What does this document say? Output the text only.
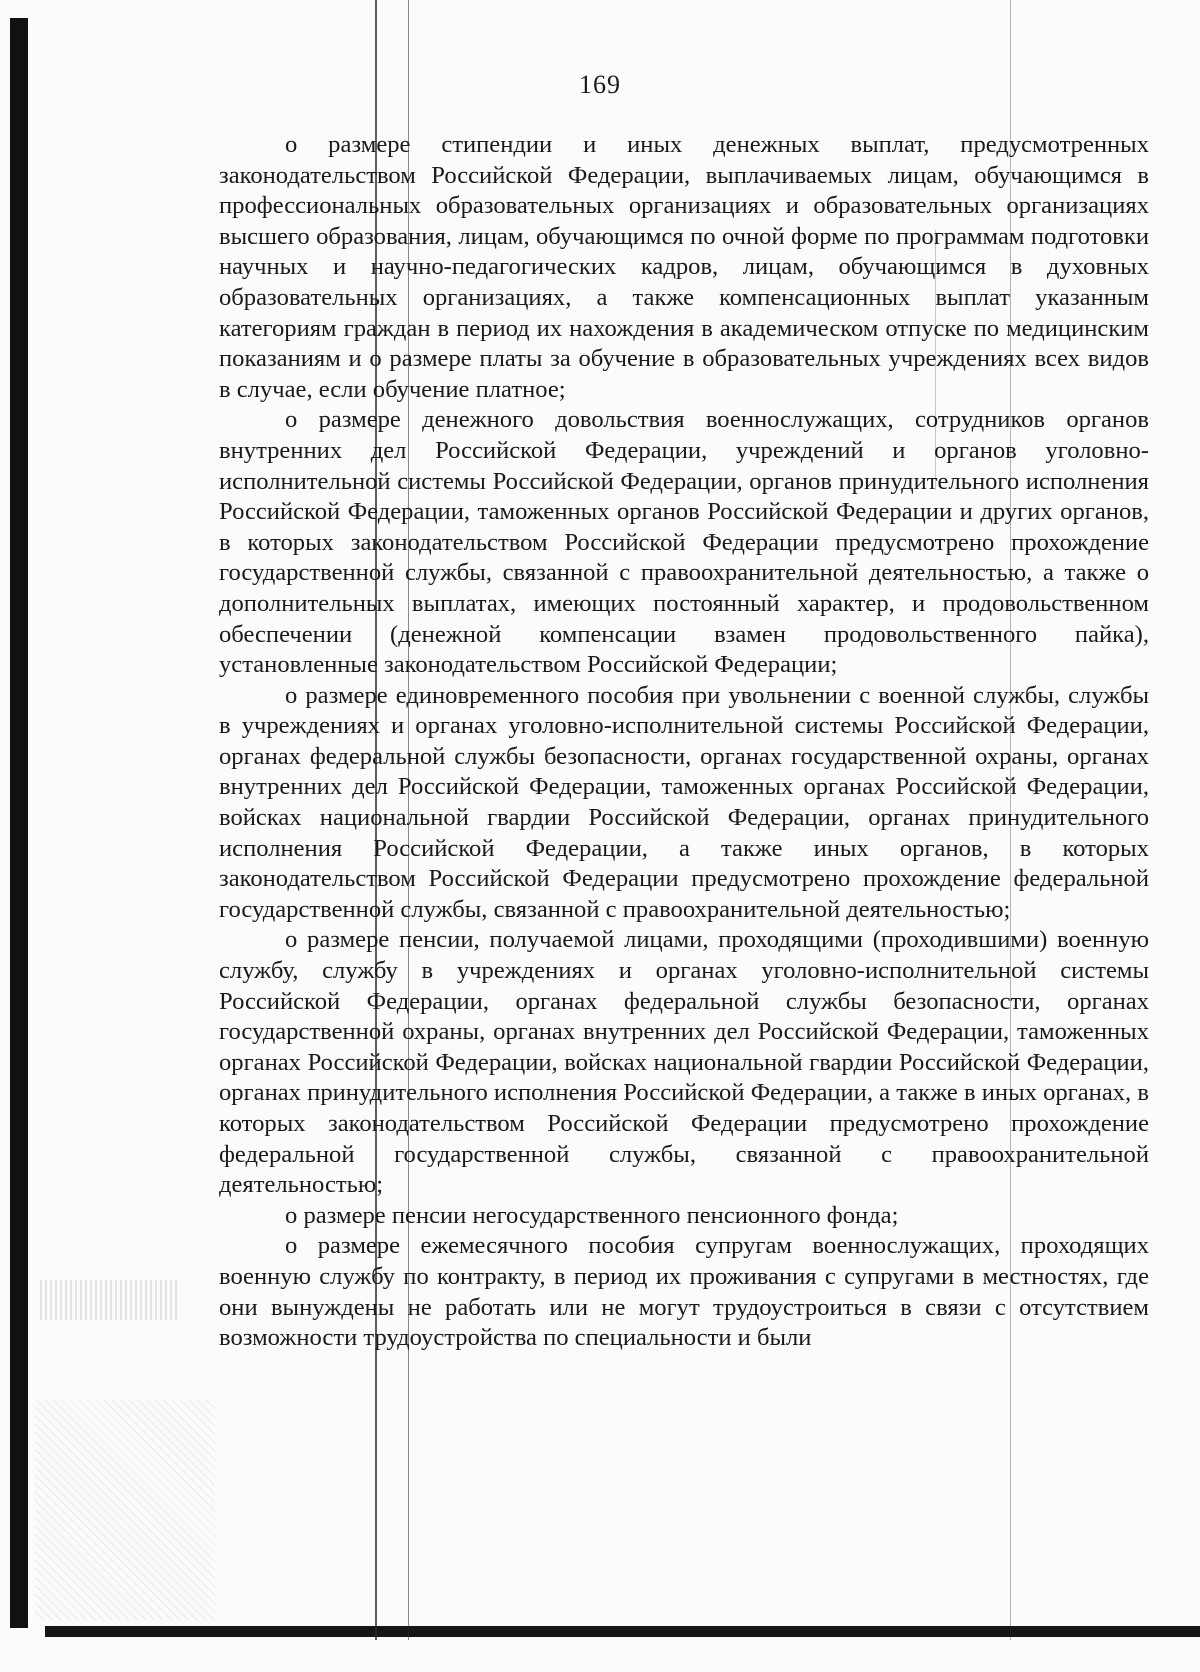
169

о размере стипендии и иных денежных выплат, предусмотренных законодательством Российской Федерации, выплачиваемых лицам, обучающимся в профессиональных образовательных организациях и образовательных организациях высшего образования, лицам, обучающимся по очной форме по программам подготовки научных и научно-педагогических кадров, лицам, обучающимся в духовных образовательных организациях, а также компенсационных выплат указанным категориям граждан в период их нахождения в академическом отпуске по медицинским показаниям и о размере платы за обучение в образовательных учреждениях всех видов в случае, если обучение платное;

о размере денежного довольствия военнослужащих, сотрудников органов внутренних дел Российской Федерации, учреждений и органов уголовно-исполнительной системы Российской Федерации, органов принудительного исполнения Российской Федерации, таможенных органов Российской Федерации и других органов, в которых законодательством Российской Федерации предусмотрено прохождение государственной службы, связанной с правоохранительной деятельностью, а также о дополнительных выплатах, имеющих постоянный характер, и продовольственном обеспечении (денежной компенсации взамен продовольственного пайка), установленные законодательством Российской Федерации;

о размере единовременного пособия при увольнении с военной службы, службы в учреждениях и органах уголовно-исполнительной системы Российской Федерации, органах федеральной службы безопасности, органах государственной охраны, органах внутренних дел Российской Федерации, таможенных органах Российской Федерации, войсках национальной гвардии Российской Федерации, органах принудительного исполнения Российской Федерации, а также иных органов, в которых законодательством Российской Федерации предусмотрено прохождение федеральной государственной службы, связанной с правоохранительной деятельностью;

о размере пенсии, получаемой лицами, проходящими (проходившими) военную службу, службу в учреждениях и органах уголовно-исполнительной системы Российской Федерации, органах федеральной службы безопасности, органах государственной охраны, органах внутренних дел Российской Федерации, таможенных органах Российской Федерации, войсках национальной гвардии Российской Федерации, органах принудительного исполнения Российской Федерации, а также в иных органах, в которых законодательством Российской Федерации предусмотрено прохождение федеральной государственной службы, связанной с правоохранительной деятельностью;

о размере пенсии негосударственного пенсионного фонда;

о размере ежемесячного пособия супругам военнослужащих, проходящих военную службу по контракту, в период их проживания с супругами в местностях, где они вынуждены не работать или не могут трудоустроиться в связи с отсутствием возможности трудоустройства по специальности и были
